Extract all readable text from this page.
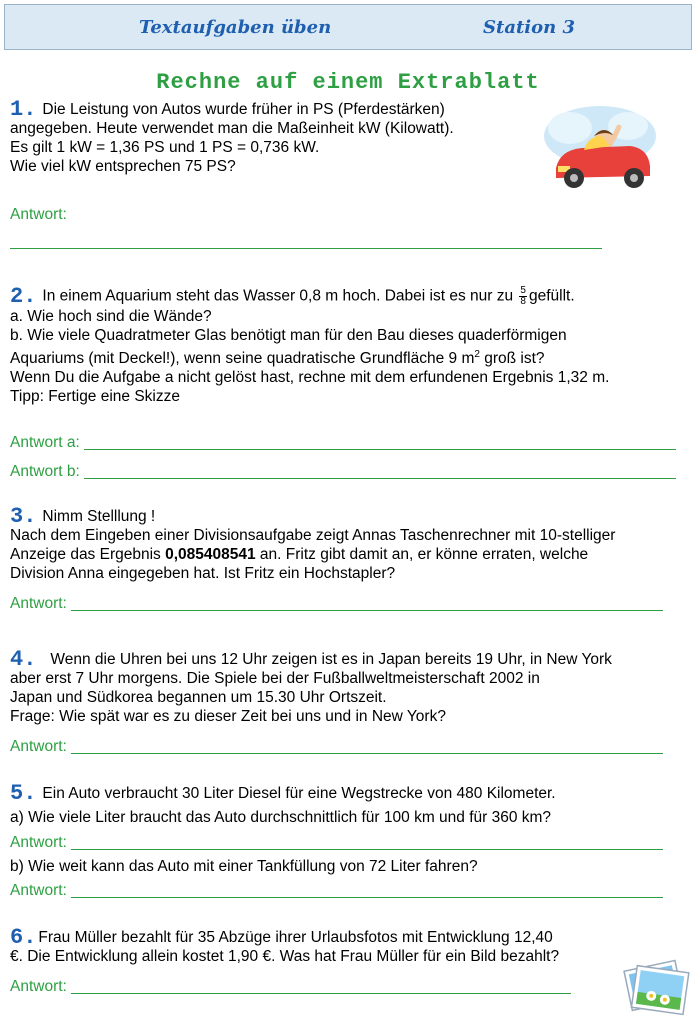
Textaufgaben üben	Station 3
Rechne auf einem Extrablatt
1. Die Leistung von Autos wurde früher in PS (Pferdestärken)
angegeben. Heute verwendet man die Maßeinheit kW (Kilowatt).
Es gilt 1 kW = 1,36 PS und 1 PS = 0,736 kW.
Wie viel kW entsprechen 75 PS?
Antwort:
2. In einem Aquarium steht das Wasser 0,8 m hoch. Dabei ist es nur zu $\frac{5}{8}$ gefüllt.
a. Wie hoch sind die Wände?
b. Wie viele Quadratmeter Glas benötigt man für den Bau dieses quaderförmigen
Aquariums (mit Deckel!), wenn seine quadratische Grundfläche 9 $m^2$ groß ist?
Wenn Du die Aufgabe a nicht gelöst hast, rechne mit dem erfundenen Ergebnis 1,32 m.
Tipp: Fertige eine Skizze
Antwort a:
Antwort b:
3. Nimm Stelllung !
Nach dem Eingeben einer Divisionsaufgabe zeigt Annas Taschenrechner mit 10-stelliger
Anzeige das Ergebnis 0,085408541 an. Fritz gibt damit an, er könne erraten, welche
Division Anna eingegeben hat. Ist Fritz ein Hochstapler?
Antwort:
4. Wenn die Uhren bei uns 12 Uhr zeigen ist es in Japan bereits 19 Uhr, in New York
aber erst 7 Uhr morgens. Die Spiele bei der Fußballweltmeisterschaft 2002 in
Japan und Südkorea begannen um 15.30 Uhr Ortszeit.
Frage: Wie spät war es zu dieser Zeit bei uns und in New York?
Antwort:
5. Ein Auto verbraucht 30 Liter Diesel für eine Wegstrecke von 480 Kilometer.
a) Wie viele Liter braucht das Auto durchschnittlich für 100 km und für 360 km?
Antwort:
b) Wie weit kann das Auto mit einer Tankfüllung von 72 Liter fahren?
Antwort:
6. Frau Müller bezahlt für 35 Abzüge ihrer Urlaubsfotos mit Entwicklung 12,40
€. Die Entwicklung allein kostet 1,90 €. Was hat Frau Müller für ein Bild bezahlt?
Antwort:
